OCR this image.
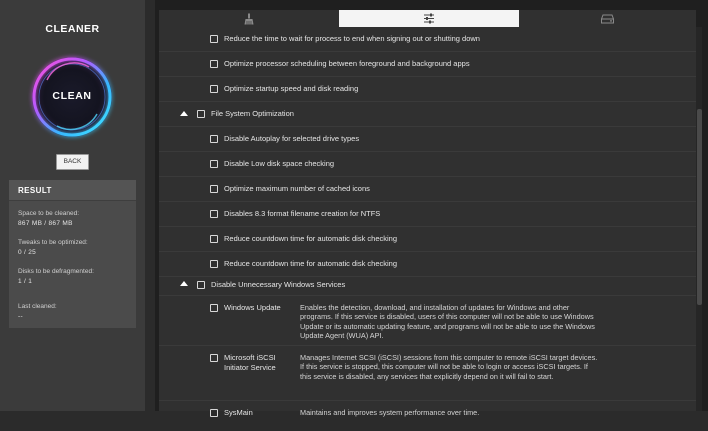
CLEANER
CLEAN
BACK
RESULT
Space to be cleaned:
867 MB / 867 MB
Tweaks to be optimized:
0 / 25
Disks to be defragmented:
1 / 1
Last cleaned:
--
Reduce the time to wait for process to end when signing out or shutting down
Optimize processor scheduling between foreground and background apps
Optimize startup speed and disk reading
File System Optimization
Disable Autoplay for selected drive types
Disable Low disk space checking
Optimize maximum number of cached icons
Disables 8.3 format filename creation for NTFS
Reduce countdown time for automatic disk checking
Reduce countdown time for automatic disk checking
Disable Unnecessary Windows Services
Windows Update	Enables the detection, download, and installation of updates for Windows and other programs. If this service is disabled, users of this computer will not be able to use Windows Update or its automatic updating feature, and programs will not be able to use the Windows Update Agent (WUA) API.
Microsoft iSCSI Initiator Service
Manages Internet SCSI (iSCSI) sessions from this computer to remote iSCSI target devices. If this service is stopped, this computer will not be able to login or access iSCSI targets. If this service is disabled, any services that explicitly depend on it will fail to start.
SysMain	Maintains and improves system performance over time.
